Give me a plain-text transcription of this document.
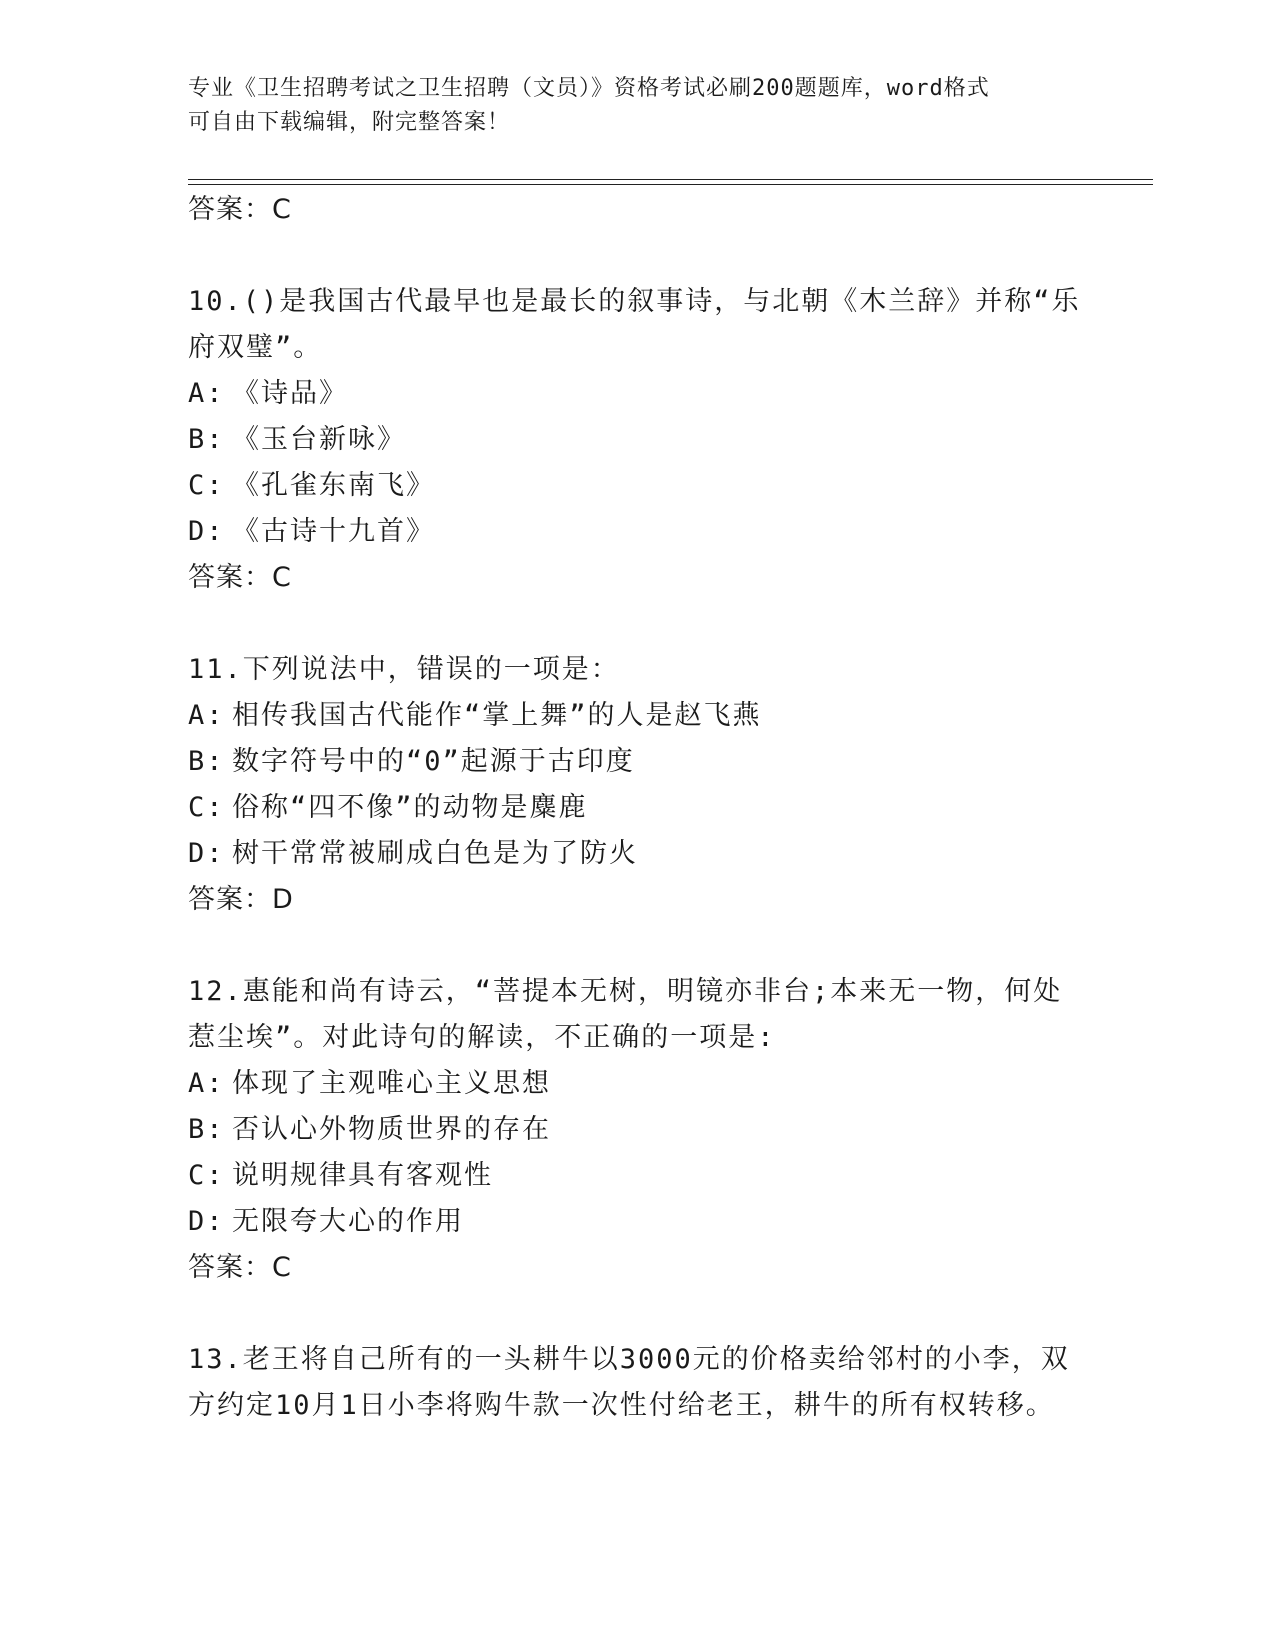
专业《卫生招聘考试之卫生招聘（文员）》资格考试必刷200题题库，word格式
可自由下载编辑，附完整答案！
答案：C
10.()是我国古代最早也是最长的叙事诗，与北朝《木兰辞》并称“乐
府双璧”。
A: 《诗品》
B: 《玉台新咏》
C: 《孔雀东南飞》
D: 《古诗十九首》
答案：C
11.下列说法中，错误的一项是：
A: 相传我国古代能作“掌上舞”的人是赵飞燕
B: 数字符号中的“0”起源于古印度
C: 俗称“四不像”的动物是麋鹿
D: 树干常常被刷成白色是为了防火
答案：D
12.惠能和尚有诗云，“菩提本无树，明镜亦非台;本来无一物，何处
惹尘埃”。对此诗句的解读，不正确的一项是:
A: 体现了主观唯心主义思想
B: 否认心外物质世界的存在
C: 说明规律具有客观性
D: 无限夸大心的作用
答案：C
13.老王将自己所有的一头耕牛以3000元的价格卖给邻村的小李，双
方约定10月1日小李将购牛款一次性付给老王，耕牛的所有权转移。
